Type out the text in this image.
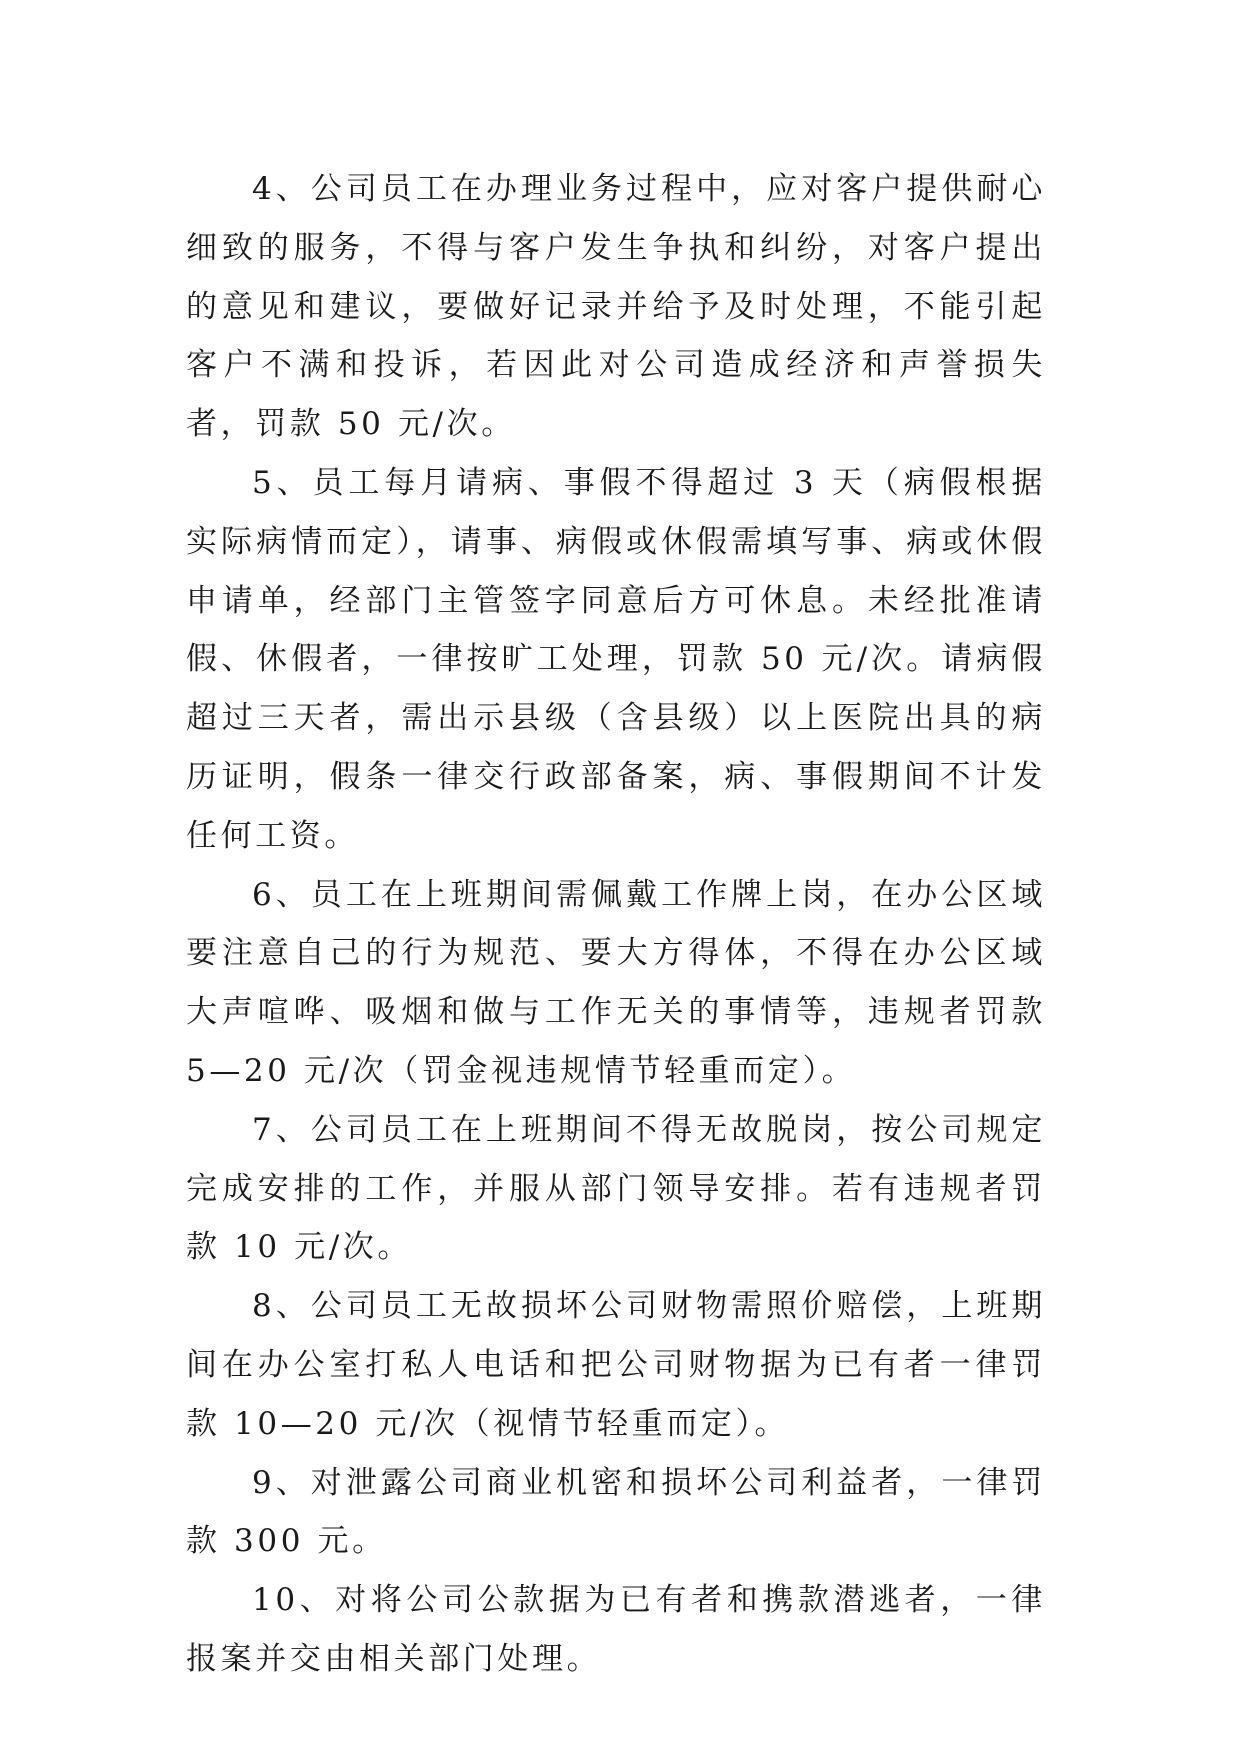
4、公司员工在办理业务过程中，应对客户提供耐心细致的服务，不得与客户发生争执和纠纷，对客户提出的意见和建议，要做好记录并给予及时处理，不能引起客户不满和投诉，若因此对公司造成经济和声誉损失者，罚款 50 元/次。

5、员工每月请病、事假不得超过 3 天（病假根据实际病情而定），请事、病假或休假需填写事、病或休假申请单，经部门主管签字同意后方可休息。未经批准请假、休假者，一律按旷工处理，罚款 50 元/次。请病假超过三天者，需出示县级（含县级）以上医院出具的病历证明，假条一律交行政部备案，病、事假期间不计发任何工资。

6、员工在上班期间需佩戴工作牌上岗，在办公区域要注意自己的行为规范、要大方得体，不得在办公区域大声喧哗、吸烟和做与工作无关的事情等，违规者罚款 5—20 元/次（罚金视违规情节轻重而定）。

7、公司员工在上班期间不得无故脱岗，按公司规定完成安排的工作，并服从部门领导安排。若有违规者罚款 10 元/次。

8、公司员工无故损坏公司财物需照价赔偿，上班期间在办公室打私人电话和把公司财物据为已有者一律罚款 10—20 元/次（视情节轻重而定）。

9、对泄露公司商业机密和损坏公司利益者，一律罚款 300 元。

10、对将公司公款据为已有者和携款潜逃者，一律报案并交由相关部门处理。
